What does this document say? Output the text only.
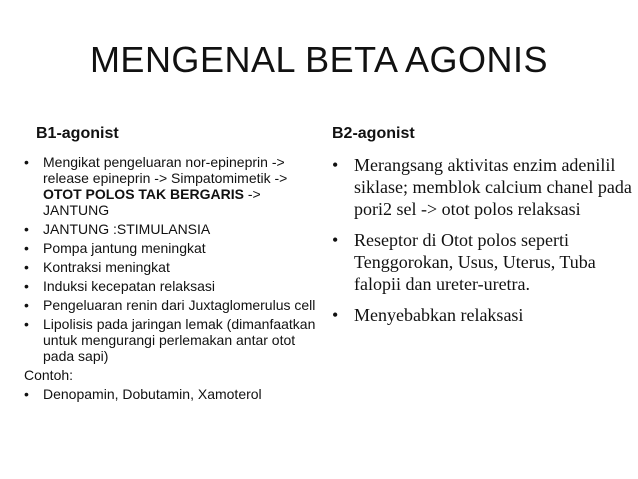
MENGENAL BETA AGONIS
B1-agonist
• Mengikat pengeluaran nor-epineprin -> release epineprin -> Simpatomimetik -> OTOT POLOS TAK BERGARIS -> JANTUNG
• JANTUNG :STIMULANSIA
• Pompa jantung meningkat
• Kontraksi meningkat
• Induksi kecepatan relaksasi
• Pengeluaran renin dari Juxtaglomerulus cell
• Lipolisis pada jaringan lemak (dimanfaatkan untuk mengurangi perlemakan antar otot pada sapi)
Contoh:
• Denopamin, Dobutamin, Xamoterol
B2-agonist
• Merangsang aktivitas enzim adenilil siklase; memblok calcium chanel pada pori2 sel -> otot polos relaksasi
• Reseptor di Otot polos seperti Tenggorokan, Usus, Uterus, Tuba falopii dan ureter-uretra.
• Menyebabkan relaksasi
